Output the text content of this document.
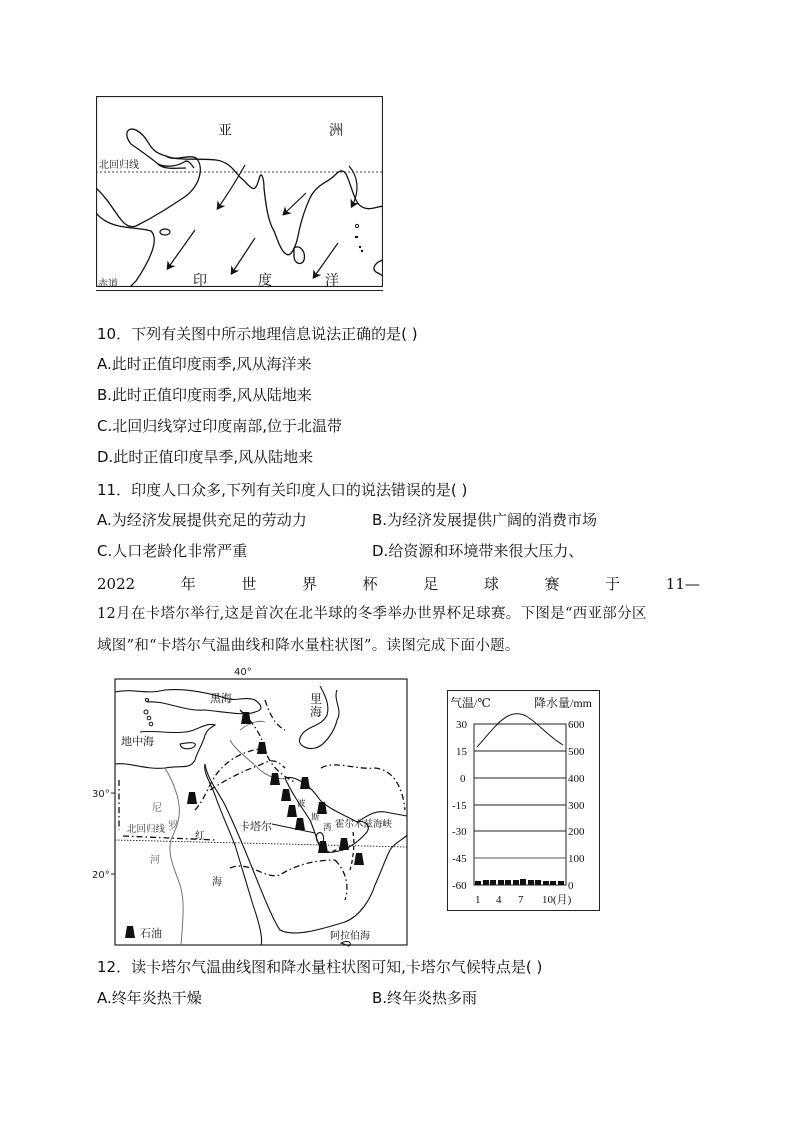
亚	洲
北回归线
赤道	印	度	洋
10．下列有关图中所示地理信息说法正确的是( )
A.此时正值印度雨季,风从海洋来
B.此时正值印度雨季,风从陆地来
C.北回归线穿过印度南部,位于北温带
D.此时正值印度旱季,风从陆地来
11．印度人口众多,下列有关印度人口的说法错误的是( )
A.为经济发展提供充足的劳动力	B.为经济发展提供广阔的消费市场
C.人口老龄化非常严重	D.给资源和环境带来很大压力、
2022	年	世	界	杯	足	球	赛	于	11—
12月在卡塔尔举行,这是首次在北半球的冬季举办世界杯足球赛。下图是“西亚部分区
域图”和“卡塔尔气温曲线和降水量柱状图”。读图完成下面小题。
40°
30°
20°
黑海	里
海
地中海
尼
罗
河
北回归线
红
海
卡塔尔
波
斯
湾 霍尔木兹海峡
阿拉伯海
石油
气温/℃	降水量/mm
30
15
0
-15
-30
-45
-60
600
500
400
300
200
100
0
1 4 7 10(月)
12．读卡塔尔气温曲线图和降水量柱状图可知,卡塔尔气候特点是( )
A.终年炎热干燥	B.终年炎热多雨
